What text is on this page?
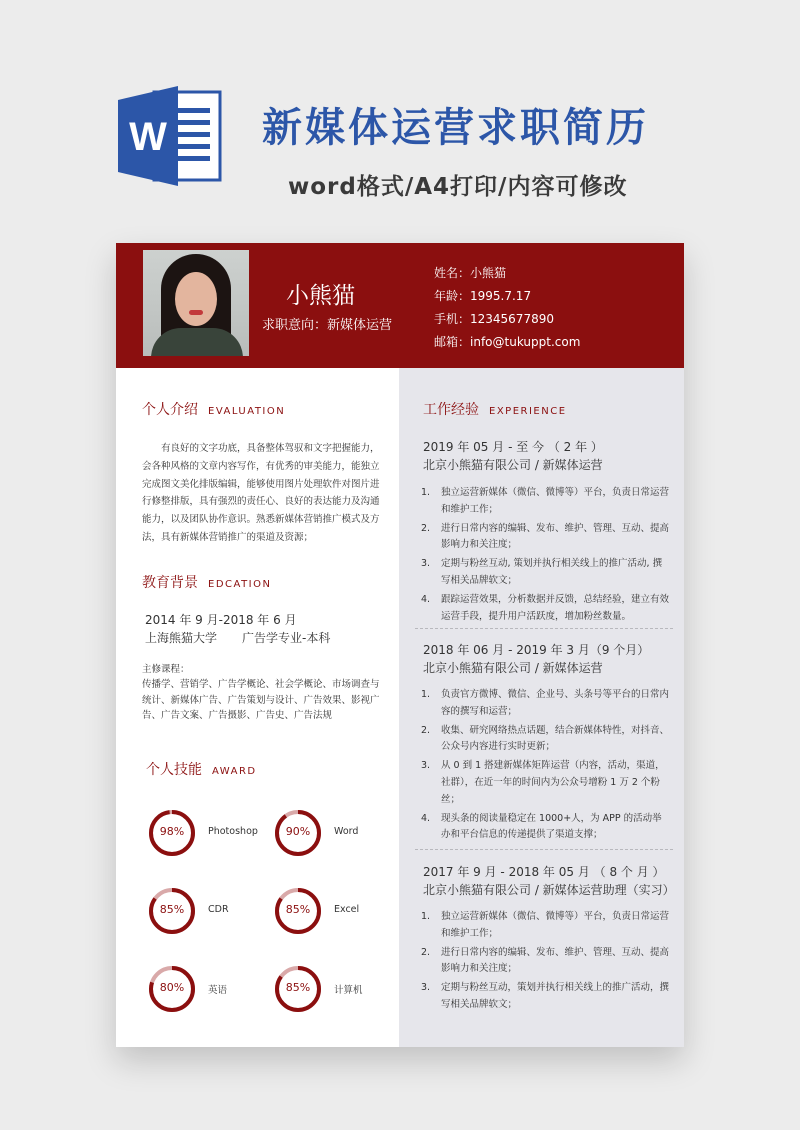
W 新媒体运营求职简历
word格式/A4打印/内容可修改
小熊猫
求职意向：新媒体运营
姓名：小熊猫
年龄：1995.7.17
手机：12345677890
邮箱：info@tukuppt.com
个人介绍 EVALUATION
有良好的文字功底，具备整体驾驭和文字把握能力，会各种风格的文章内容写作，有优秀的审美能力，能独立完成图文美化排版编辑，能够使用图片处理软件对图片进行修整排版，具有强烈的责任心、良好的表达能力及沟通能力，以及团队协作意识。熟悉新媒体营销推广模式及方法，具有新媒体营销推广的渠道及资源；
教育背景 EDCATION
2014 年 9 月-2018 年 6 月
上海熊猫大学 广告学专业-本科
主修课程：
传播学、营销学、广告学概论、社会学概论、市场调查与统计、新媒体广告、广告策划与设计、广告效果、影视广告、广告文案、广告摄影、广告史、广告法规
个人技能 AWARD
98%	Photoshop	90%	Word
85%	CDR	85%	Excel
80%	英语	85%	计算机
工作经验 EXPERIENCE
2019 年 05 月 - 至 今 （ 2 年 ）
北京小熊猫有限公司 / 新媒体运营
1. 独立运营新媒体（微信、微博等）平台，负责日常运营和维护工作；
2. 进行日常内容的编辑、发布、维护、管理、互动、提高影响力和关注度；
3. 定期与粉丝互动, 策划并执行相关线上的推广活动, 撰写相关品牌软文；
4. 跟踪运营效果，分析数据并反馈，总结经验，建立有效运营手段，提升用户活跃度，增加粉丝数量。
2018 年 06 月 - 2019 年 3 月（9 个月）
北京小熊猫有限公司 / 新媒体运营
1. 负责官方微博、微信、企业号、头条号等平台的日常内容的撰写和运营；
2. 收集、研究网络热点话题，结合新媒体特性，对抖音、公众号内容进行实时更新；
3. 从 0 到 1 搭建新媒体矩阵运营（内容，活动，渠道，社群），在近一年的时间内为公众号增粉 1 万 2 个粉丝；
4. 现头条的阅读量稳定在 1000+人，为 APP 的活动举办和平台信息的传递提供了渠道支撑；
2017 年 9 月 - 2018 年 05 月 （ 8 个 月 ）
北京小熊猫有限公司 / 新媒体运营助理（实习）
1. 独立运营新媒体（微信、微博等）平台，负责日常运营和维护工作；
2. 进行日常内容的编辑、发布、维护、管理、互动、提高影响力和关注度；
3. 定期与粉丝互动，策划并执行相关线上的推广活动，撰写相关品牌软文；
